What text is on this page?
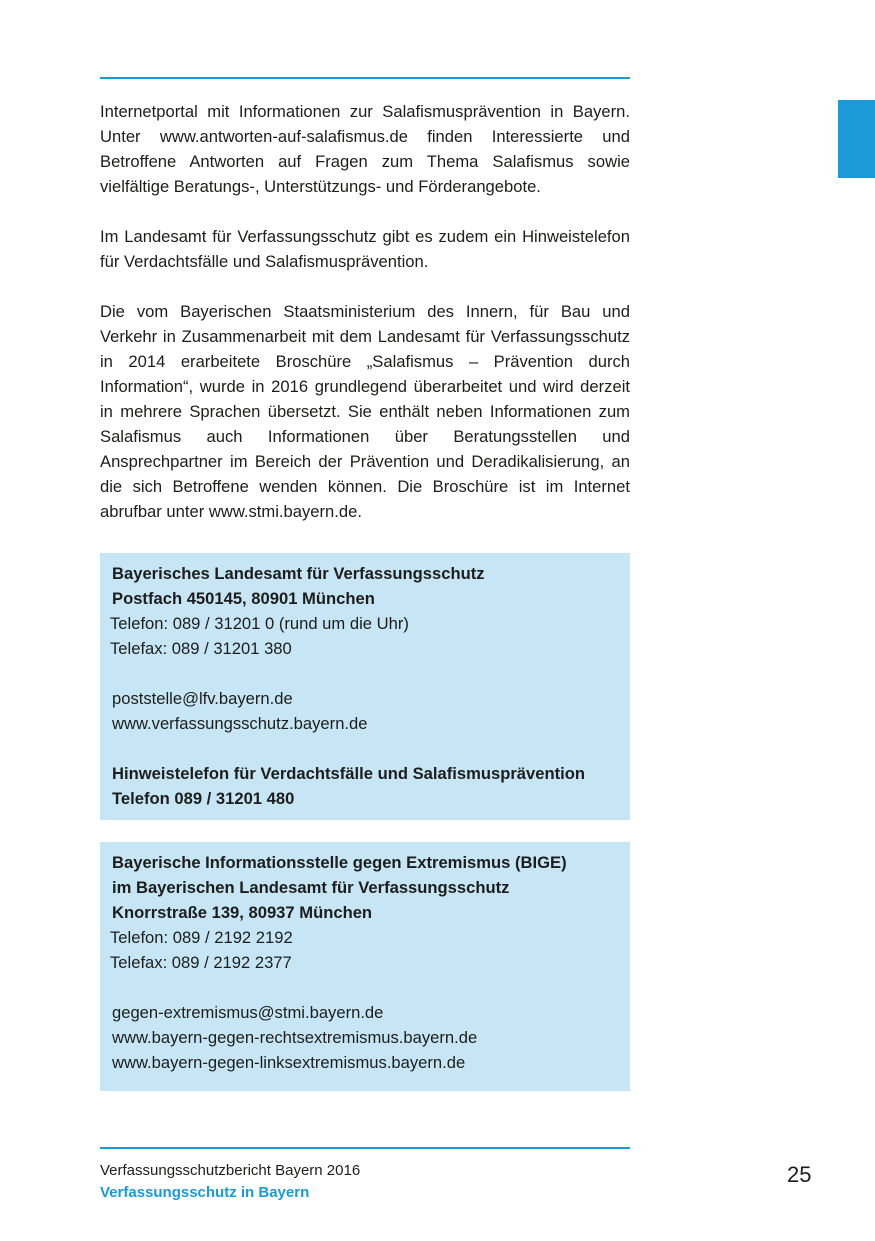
Internetportal mit Informationen zur Salafismusprävention in Bayern. Unter www.antworten-auf-salafismus.de finden Interessierte und Betroffene Antworten auf Fragen zum Thema Salafismus sowie vielfältige Beratungs-, Unterstützungs- und Förderangebote.

Im Landesamt für Verfassungsschutz gibt es zudem ein Hinweistelefon für Verdachtsfälle und Salafismusprävention.

Die vom Bayerischen Staatsministerium des Innern, für Bau und Verkehr in Zusammenarbeit mit dem Landesamt für Verfassungsschutz in 2014 erarbeitete Broschüre „Salafismus – Prävention durch Information“, wurde in 2016 grundlegend überarbeitet und wird derzeit in mehrere Sprachen übersetzt. Sie enthält neben Informationen zum Salafismus auch Informationen über Beratungsstellen und Ansprechpartner im Bereich der Prävention und Deradikalisierung, an die sich Betroffene wenden können. Die Broschüre ist im Internet abrufbar unter www.stmi.bayern.de.

Bayerisches Landesamt für Verfassungsschutz
Postfach 450145, 80901 München
Telefon: 089 / 31201 0 (rund um die Uhr)
Telefax: 089 / 31201 380
poststelle@lfv.bayern.de
www.verfassungsschutz.bayern.de
Hinweistelefon für Verdachtsfälle und Salafismusprävention
Telefon 089 / 31201 480
Bayerische Informationsstelle gegen Extremismus (BIGE)
im Bayerischen Landesamt für Verfassungsschutz
Knorrstraße 139, 80937 München
Telefon: 089 / 2192 2192
Telefax: 089 / 2192 2377
gegen-extremismus@stmi.bayern.de
www.bayern-gegen-rechtsextremismus.bayern.de
www.bayern-gegen-linksextremismus.bayern.de
Verfassungsschutzbericht Bayern 2016
Verfassungsschutz in Bayern
25
